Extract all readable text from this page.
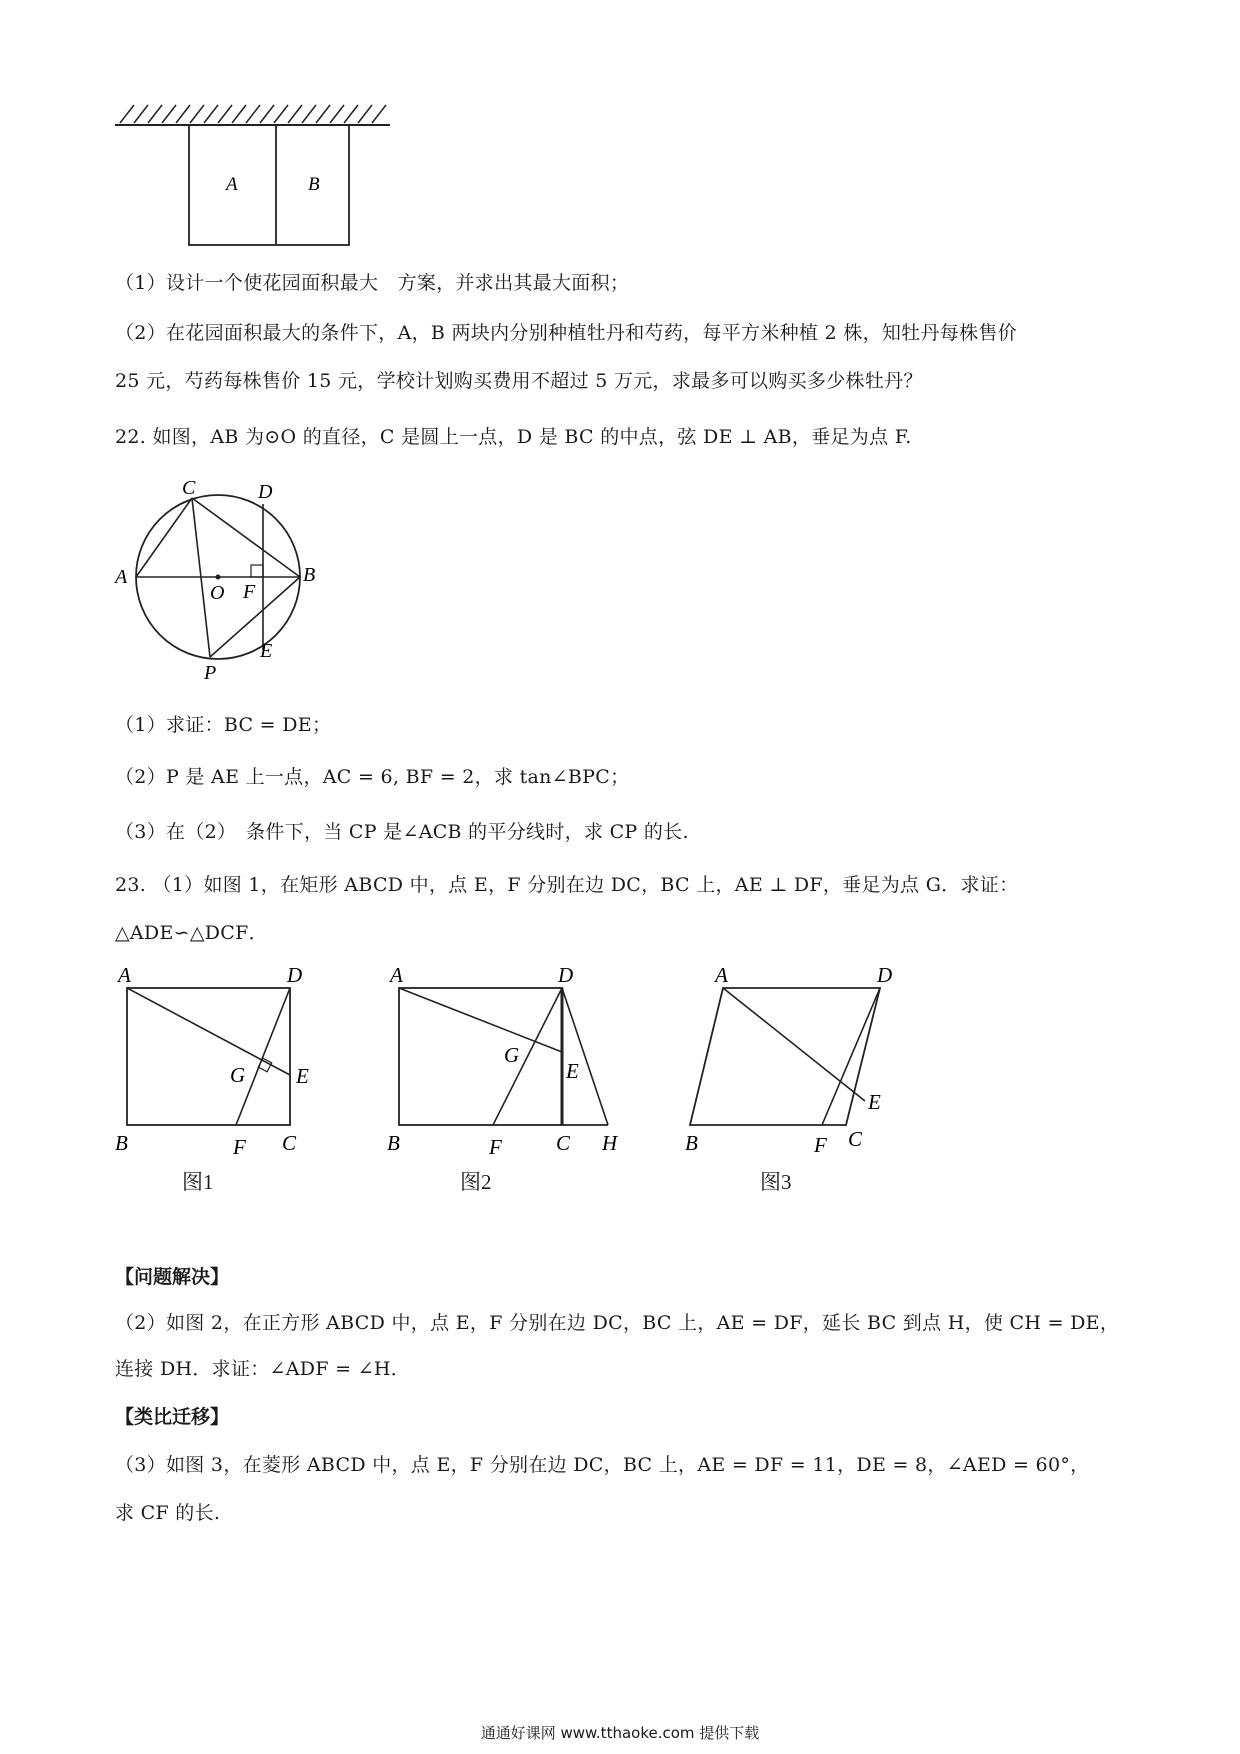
A	B
（1）设计一个使花园面积最大　方案，并求出其最大面积；
（2）在花园面积最大的条件下，A，B 两块内分别种植牡丹和芍药，每平方米种植 2 株，知牡丹每株售价
25 元，芍药每株售价 15 元，学校计划购买费用不超过 5 万元，求最多可以购买多少株牡丹？
22. 如图，AB 为⊙O 的直径，C 是圆上一点，D 是 BC 的中点，弦 DE ⊥ AB，垂足为点 F.
C	D
A	B
O F
E
P
（1）求证：BC = DE；
（2）P 是 AE 上一点，AC = 6, BF = 2，求 tan∠BPC；
（3）在（2）　条件下，当 CP 是∠ACB 的平分线时，求 CP 的长.
23. （1）如图 1，在矩形 ABCD 中，点 E，F 分别在边 DC，BC 上，AE ⊥ DF，垂足为点 G．求证：
△ADE∽△DCF．
A	D
E
G
B	F C
图1
A	D
G
E
B	F	C H
图2
A	D
E
B	F C
图3
【问题解决】
（2）如图 2，在正方形 ABCD 中，点 E，F 分别在边 DC，BC 上，AE = DF，延长 BC 到点 H，使 CH = DE，
连接 DH．求证：∠ADF = ∠H．
【类比迁移】
（3）如图 3，在菱形 ABCD 中，点 E，F 分别在边 DC，BC 上，AE = DF = 11，DE = 8，∠AED = 60°，
求 CF 的长.
通通好课网 www.tthaoke.com 提供下载
